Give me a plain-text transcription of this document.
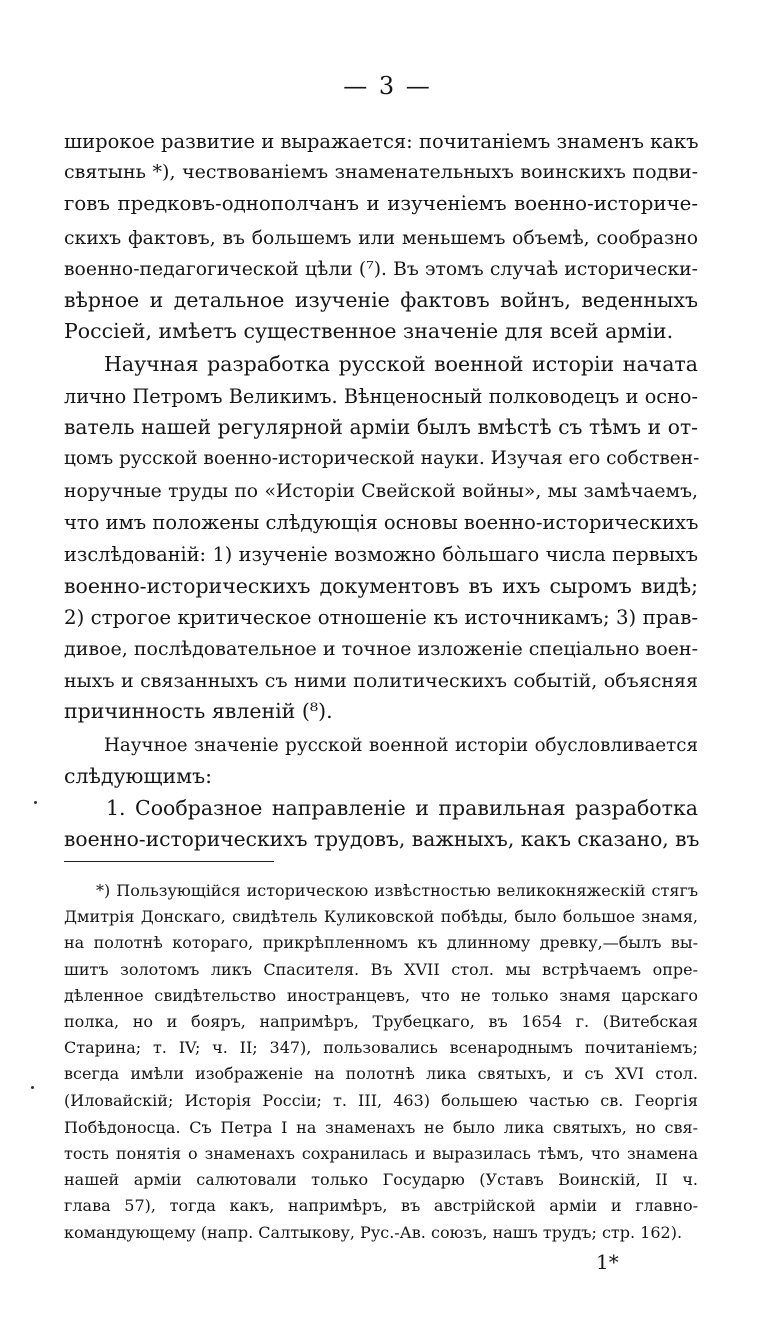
— 3 —
широкое развитие и выражается: почитаніемъ знаменъ какъ
святынь *), чествованіемъ знаменательныхъ воинскихъ подви-
говъ предковъ-однополчанъ и изученіемъ военно-историче-
скихъ фактовъ, въ большемъ или меньшемъ объемѣ, сообразно
военно-педагогической цѣли (⁷). Въ этомъ случаѣ исторически-
вѣрное и детальное изученіе фактовъ войнъ, веденныхъ
Россіей, имѣетъ существенное значеніе для всей арміи.
Научная разработка русской военной исторіи начата
лично Петромъ Великимъ. Вѣнценосный полководецъ и осно-
ватель нашей регулярной арміи былъ вмѣстѣ съ тѣмъ и от-
цомъ русской военно-исторической науки. Изучая его собствен-
норучные труды по «Исторіи Свейской войны», мы замѣчаемъ,
что имъ положены слѣдующія основы военно-историческихъ
изслѣдованій: 1) изученіе возможно бо̀льшаго числа первыхъ
военно-историческихъ документовъ въ ихъ сыромъ видѣ;
2) строгое критическое отношеніе къ источникамъ; 3) прав-
дивое, послѣдовательное и точное изложеніе спеціально воен-
ныхъ и связанныхъ съ ними политическихъ событій, объясняя
причинность явленій (⁸).
Научное значеніе русской военной исторіи обусловливается
слѣдующимъ:
1. Сообразное направленіе и правильная разработка
военно-историческихъ трудовъ, важныхъ, какъ сказано, въ
*) Пользующійся историческою извѣстностью великокняжескій стягъ
Дмитрія Донскаго, свидѣтель Куликовской побѣды, было большое знамя,
на полотнѣ котораго, прикрѣпленномъ къ длинному древку,—былъ вы-
шитъ золотомъ ликъ Спасителя. Въ XVII стол. мы встрѣчаемъ опре-
дѣленное свидѣтельство иностранцевъ, что не только знамя царскаго
полка, но и бояръ, напримѣръ, Трубецкаго, въ 1654 г. (Витебская
Старина; т. IV; ч. II; 347), пользовались всенароднымъ почитаніемъ;
всегда имѣли изображеніе на полотнѣ лика святыхъ, и съ XVI стол.
(Иловайскій; Исторія Россіи; т. III, 463) большею частью св. Георгія
Побѣдоносца. Съ Петра I на знаменахъ не было лика святыхъ, но свя-
тость понятія о знаменахъ сохранилась и выразилась тѣмъ, что знамена
нашей арміи салютовали только Государю (Уставъ Воинскій, II ч.
глава 57), тогда какъ, напримѣръ, въ австрійской арміи и главно-
командующему (напр. Салтыкову, Рус.-Ав. союзъ, нашъ трудъ; стр. 162).
1*
